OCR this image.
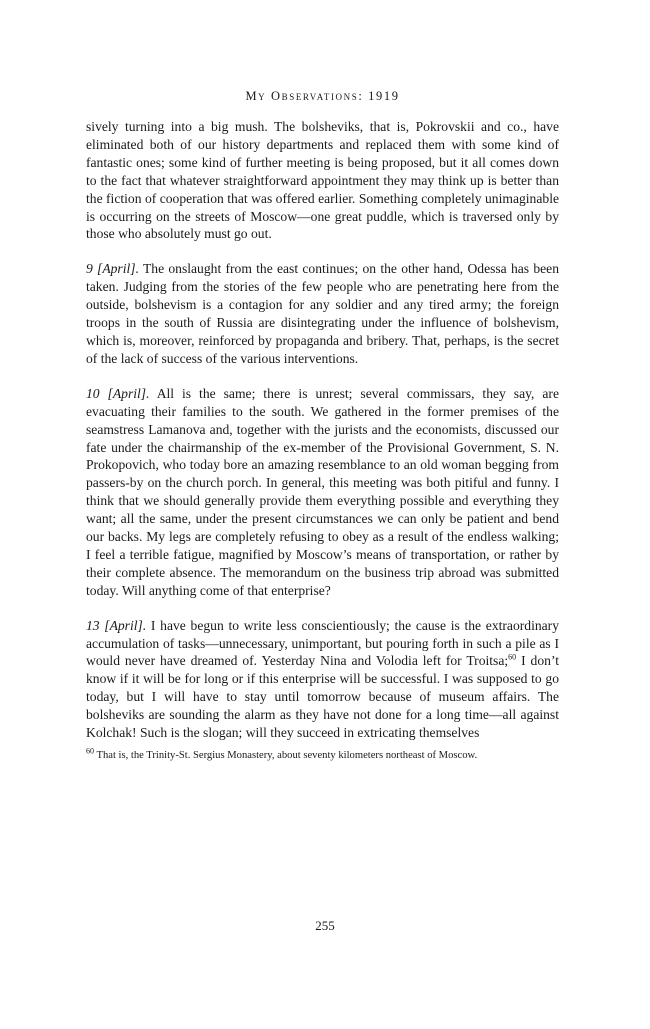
My Observations: 1919

sively turning into a big mush. The bolsheviks, that is, Pokrovskii and co., have eliminated both of our history departments and replaced them with some kind of fantastic ones; some kind of further meeting is being proposed, but it all comes down to the fact that whatever straightforward appointment they may think up is better than the fiction of cooperation that was offered earlier. Something completely unimaginable is occurring on the streets of Moscow—one great puddle, which is traversed only by those who absolutely must go out.

9 [April]. The onslaught from the east continues; on the other hand, Odessa has been taken. Judging from the stories of the few people who are penetrating here from the outside, bolshevism is a contagion for any soldier and any tired army; the foreign troops in the south of Russia are disintegrating under the influence of bolshevism, which is, moreover, reinforced by propaganda and bribery. That, perhaps, is the secret of the lack of success of the various interventions.

10 [April]. All is the same; there is unrest; several commissars, they say, are evacuating their families to the south. We gathered in the former premises of the seamstress Lamanova and, together with the jurists and the economists, discussed our fate under the chairmanship of the ex-member of the Provisional Government, S. N. Prokopovich, who today bore an amazing resemblance to an old woman begging from passers-by on the church porch. In general, this meeting was both pitiful and funny. I think that we should generally provide them everything possible and everything they want; all the same, under the present circumstances we can only be patient and bend our backs. My legs are completely refusing to obey as a result of the endless walking; I feel a terrible fatigue, magnified by Moscow’s means of transportation, or rather by their complete absence. The memorandum on the business trip abroad was submitted today. Will anything come of that enterprise?

13 [April]. I have begun to write less conscientiously; the cause is the extraordinary accumulation of tasks—unnecessary, unimportant, but pouring forth in such a pile as I would never have dreamed of. Yesterday Nina and Volodia left for Troitsa;$^{60}$ I don’t know if it will be for long or if this enterprise will be successful. I was supposed to go today, but I will have to stay until tomorrow because of museum affairs. The bolsheviks are sounding the alarm as they have not done for a long time—all against Kolchak! Such is the slogan; will they succeed in extricating themselves

$^{60}$ That is, the Trinity-St. Sergius Monastery, about seventy kilometers northeast of Moscow.
255
